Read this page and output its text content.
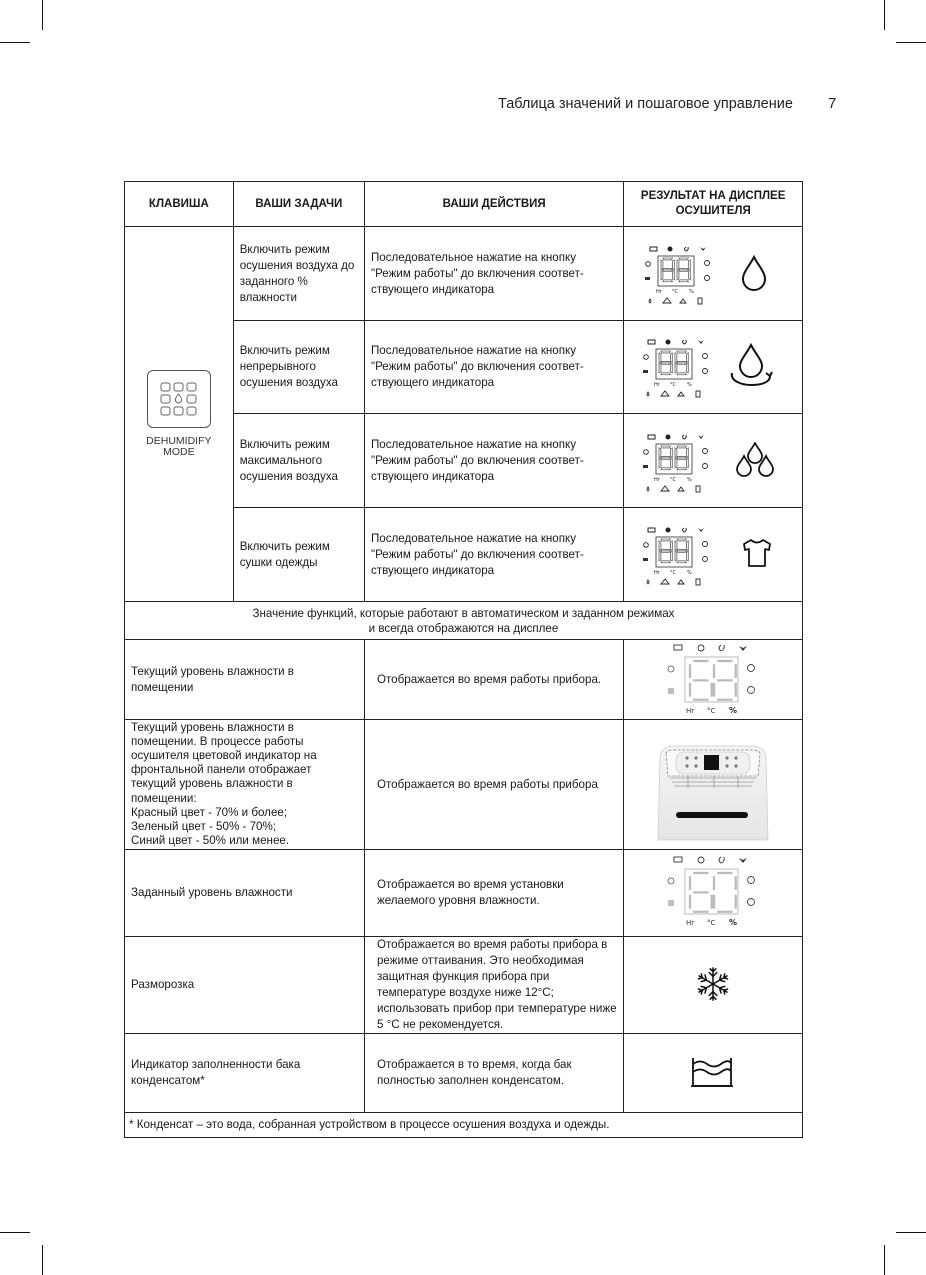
Таблица значений и пошаговое управление 7
КЛАВИША	ВАШИ ЗАДАЧИ	ВАШИ ДЕЙСТВИЯ	РЕЗУЛЬТАТ НА ДИСПЛЕЕ ОСУШИТЕЛЯ

DEHUMIDIFY
MODE	Включить режим осушения воздуха до заданного % влажности	Последовательное нажатие на кнопку "Режим работы" до включения соответ-ствующего индикатора	

	Включить режим непрерывного осушения воздуха	Последовательное нажатие на кнопку "Режим работы" до включения соответ-ствующего индикатора	

	Включить режим максимального осушения воздуха	Последовательное нажатие на кнопку "Режим работы" до включения соответ-ствующего индикатора	

	Включить режим сушки одежды	Последовательное нажатие на кнопку "Режим работы" до включения соответ-ствующего индикатора	

Значение функций, которые работают в автоматическом и заданном режимах
и всегда отображаются на дисплее			

Текущий уровень влажности в помещении		Отображается во время работы прибора.	Hr °C %

Текущий уровень влажности в
помещении. В процессе работы
осушителя цветовой индикатор на
фронтальной панели отображает
текущий уровень влажности в
помещении:
Красный цвет - 70% и более;
Зеленый цвет - 50% - 70%;
Синий цвет - 50% или менее.
	Отображается во время работы прибора	

Заданный уровень влажности		Отображается во время установки желаемого уровня влажности.	Hr °C %

Разморозка		Отображается во время работы прибора в режиме оттаивания. Это необходимая защитная функция прибора при температуре воздухе ниже 12°C; использовать прибор при температуре ниже 5 °C не рекомендуется.	

Индикатор заполненности бака конденсатом*		Отображается в то время, когда бак полностью заполнен конденсатом.	

* Конденсат – это вода, собранная устройством в процессе осушения воздуха и одежды.			
